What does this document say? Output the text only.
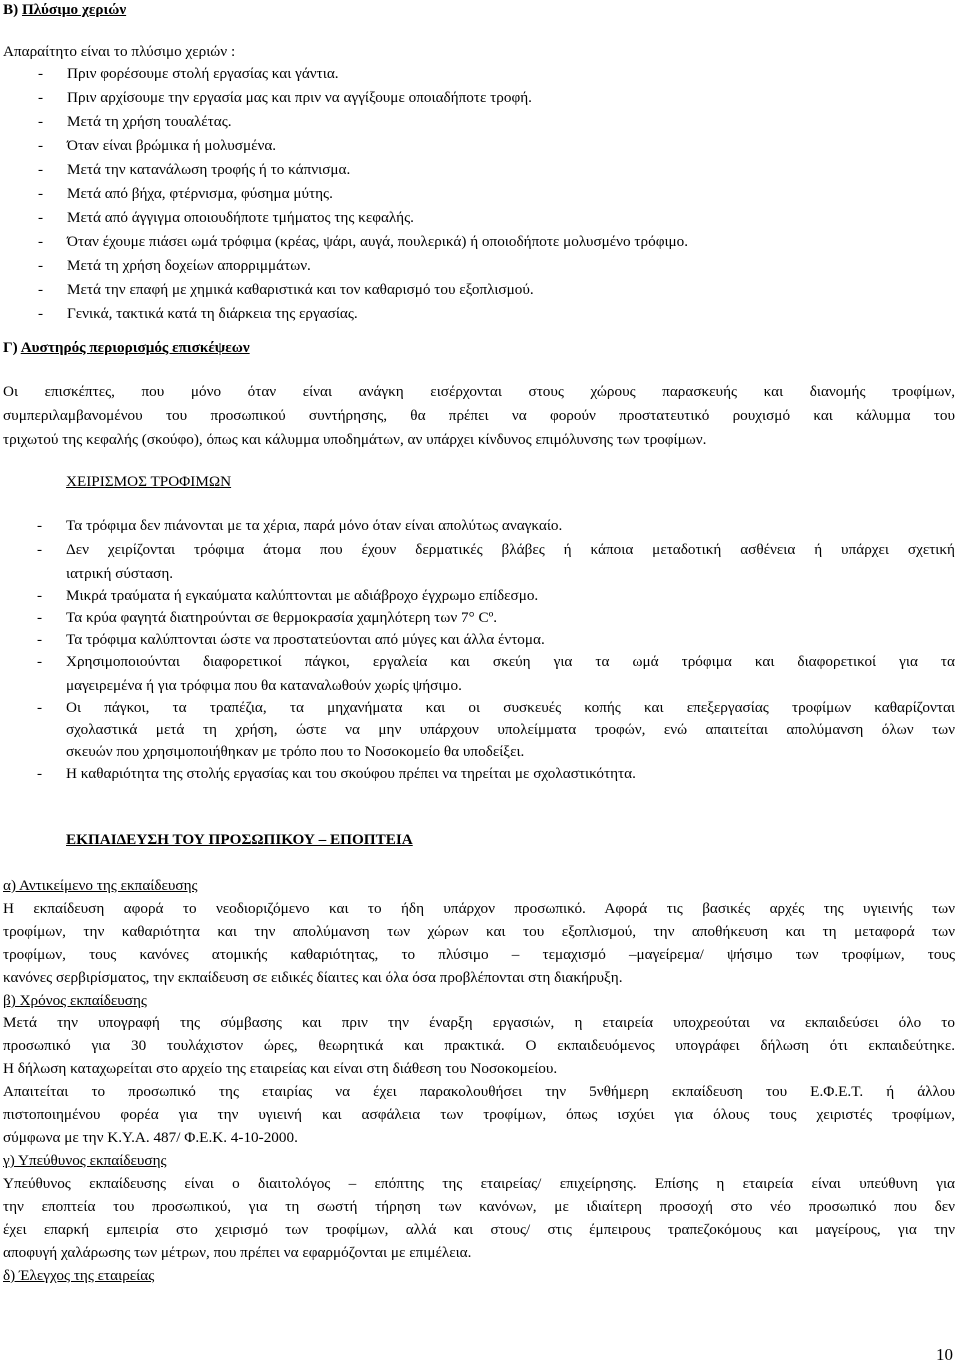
Β) Πλύσιμο χεριών
Απαραίτητο είναι το πλύσιμο χεριών :
- Πριν φορέσουμε στολή εργασίας και γάντια.
- Πριν αρχίσουμε την εργασία μας και πριν να αγγίξουμε οποιαδήποτε τροφή.
- Μετά τη χρήση τουαλέτας.
- Όταν είναι βρώμικα ή μολυσμένα.
- Μετά την κατανάλωση τροφής ή το κάπνισμα.
- Μετά από βήχα, φτέρνισμα, φύσημα μύτης.
- Μετά από άγγιγμα οποιουδήποτε τμήματος της κεφαλής.
- Όταν έχουμε πιάσει ωμά τρόφιμα (κρέας, ψάρι, αυγά, πουλερικά) ή οποιοδήποτε μολυσμένο τρόφιμο.
- Μετά τη χρήση δοχείων απορριμμάτων.
- Μετά την επαφή με χημικά καθαριστικά και τον καθαρισμό του εξοπλισμού.
- Γενικά, τακτικά κατά τη διάρκεια της εργασίας.
Γ) Αυστηρός περιορισμός επισκέψεων
Οι επισκέπτες, που μόνο όταν είναι ανάγκη εισέρχονται στους χώρους παρασκευής και διανομής τροφίμων,
συμπεριλαμβανομένου του προσωπικού συντήρησης, θα πρέπει να φορούν προστατευτικό ρουχισμό και κάλυμμα του
τριχωτού της κεφαλής (σκούφο), όπως και κάλυμμα υποδημάτων, αν υπάρχει κίνδυνος επιμόλυνσης των τροφίμων.
ΧΕΙΡΙΣΜΟΣ ΤΡΟΦΙΜΩΝ
- Τα τρόφιμα δεν πιάνονται με τα χέρια, παρά μόνο όταν είναι απολύτως αναγκαίο.
- Δεν χειρίζονται τρόφιμα άτομα που έχουν δερματικές βλάβες ή κάποια μεταδοτική ασθένεια ή υπάρχει σχετική
ιατρική σύσταση.
- Μικρά τραύματα ή εγκαύματα καλύπτονται με αδιάβροχο έγχρωμο επίδεσμο.
- Τα κρύα φαγητά διατηρούνται σε θερμοκρασία χαμηλότερη των 7° Cº.
- Τα τρόφιμα καλύπτονται ώστε να προστατεύονται από μύγες και άλλα έντομα.
- Χρησιμοποιούνται διαφορετικοί πάγκοι, εργαλεία και σκεύη για τα ωμά τρόφιμα και διαφορετικοί για τα
μαγειρεμένα ή για τρόφιμα που θα καταναλωθούν χωρίς ψήσιμο.
- Οι πάγκοι, τα τραπέζια, τα μηχανήματα και οι συσκευές κοπής και επεξεργασίας τροφίμων καθαρίζονται
σχολαστικά μετά τη χρήση, ώστε να μην υπάρχουν υπολείμματα τροφών, ενώ απαιτείται απολύμανση όλων των
σκευών που χρησιμοποιήθηκαν με τρόπο που το Νοσοκομείο θα υποδείξει.
- Η καθαριότητα της στολής εργασίας και του σκούφου πρέπει να τηρείται με σχολαστικότητα.
ΕΚΠΑΙΔΕΥΣΗ ΤΟΥ ΠΡΟΣΩΠΙΚΟΥ – ΕΠΟΠΤΕΙΑ
α) Αντικείμενο της εκπαίδευσης
Η εκπαίδευση αφορά το νεοδιοριζόμενο και το ήδη υπάρχον προσωπικό. Αφορά τις βασικές αρχές της υγιεινής των
τροφίμων, την καθαριότητα και την απολύμανση των χώρων και του εξοπλισμού, την αποθήκευση και τη μεταφορά των
τροφίμων, τους κανόνες ατομικής καθαριότητας, το πλύσιμο – τεμαχισμό –μαγείρεμα/ ψήσιμο των τροφίμων, τους
κανόνες σερβιρίσματος, την εκπαίδευση σε ειδικές δίαιτες και όλα όσα προβλέπονται στη διακήρυξη.
β) Χρόνος εκπαίδευσης
Μετά την υπογραφή της σύμβασης και πριν την έναρξη εργασιών, η εταιρεία υποχρεούται να εκπαιδεύσει όλο το
προσωπικό για 30 τουλάχιστον ώρες, θεωρητικά και πρακτικά. Ο εκπαιδευόμενος υπογράφει δήλωση ότι εκπαιδεύτηκε.
Η δήλωση καταχωρείται στο αρχείο της εταιρείας και είναι στη διάθεση του Νοσοκομείου.
Απαιτείται το προσωπικό της εταιρίας να έχει παρακολουθήσει την 5νθήμερη εκπαίδευση του Ε.Φ.Ε.Τ. ή άλλου
πιστοποιημένου φορέα για την υγιεινή και ασφάλεια των τροφίμων, όπως ισχύει για όλους τους χειριστές τροφίμων,
σύμφωνα με την Κ.Υ.Α. 487/ Φ.Ε.Κ. 4-10-2000.
γ) Υπεύθυνος εκπαίδευσης
Υπεύθυνος εκπαίδευσης είναι ο διαιτολόγος – επόπτης της εταιρείας/ επιχείρησης. Επίσης η εταιρεία είναι υπεύθυνη για
την εποπτεία του προσωπικού, για τη σωστή τήρηση των κανόνων, με ιδιαίτερη προσοχή στο νέο προσωπικό που δεν
έχει επαρκή εμπειρία στο χειρισμό των τροφίμων, αλλά και στους/ στις έμπειρους τραπεζοκόμους και μαγείρους, για την
αποφυγή χαλάρωσης των μέτρων, που πρέπει να εφαρμόζονται με επιμέλεια.
δ) Έλεγχος της εταιρείας
10
